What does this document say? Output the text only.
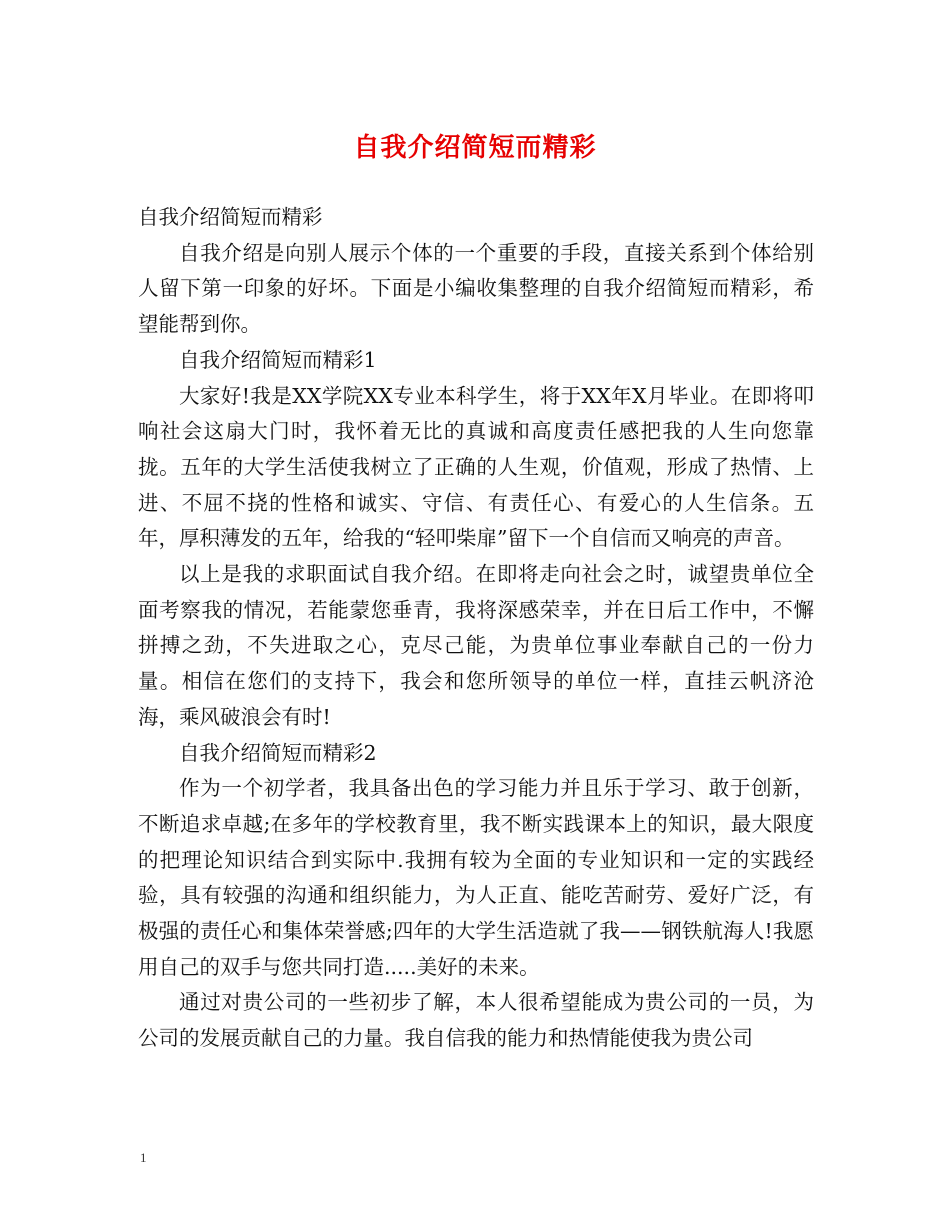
自我介绍简短而精彩

自我介绍简短而精彩

自我介绍是向别人展示个体的一个重要的手段，直接关系到个体给别人留下第一印象的好坏。下面是小编收集整理的自我介绍简短而精彩，希望能帮到你。

自我介绍简短而精彩1

大家好!我是XX学院XX专业本科学生，将于XX年X月毕业。在即将叩响社会这扇大门时，我怀着无比的真诚和高度责任感把我的人生向您靠拢。五年的大学生活使我树立了正确的人生观，价值观，形成了热情、上进、不屈不挠的性格和诚实、守信、有责任心、有爱心的人生信条。五年，厚积薄发的五年，给我的“轻叩柴扉”留下一个自信而又响亮的声音。

以上是我的求职面试自我介绍。在即将走向社会之时，诚望贵单位全面考察我的情况，若能蒙您垂青，我将深感荣幸，并在日后工作中，不懈拼搏之劲，不失进取之心，克尽己能，为贵单位事业奉献自己的一份力量。相信在您们的支持下，我会和您所领导的单位一样，直挂云帆济沧海，乘风破浪会有时!

自我介绍简短而精彩2

作为一个初学者，我具备出色的学习能力并且乐于学习、敢于创新，不断追求卓越;在多年的学校教育里，我不断实践课本上的知识，最大限度的把理论知识结合到实际中.我拥有较为全面的专业知识和一定的实践经验，具有较强的沟通和组织能力，为人正直、能吃苦耐劳、爱好广泛，有极强的责任心和集体荣誉感;四年的大学生活造就了我——钢铁航海人!我愿用自己的双手与您共同打造.....美好的未来。

通过对贵公司的一些初步了解，本人很希望能成为贵公司的一员，为公司的发展贡献自己的力量。我自信我的能力和热情能使我为贵公司

1
